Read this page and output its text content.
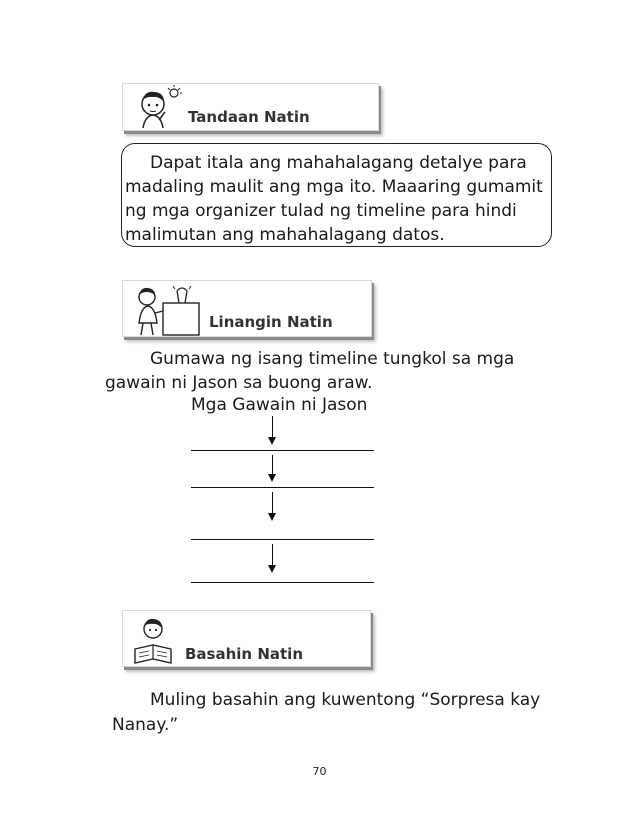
Tandaan Natin
Dapat itala ang mahahalagang detalye para
madaling maulit ang mga ito. Maaaring gumamit
ng mga organizer tulad ng timeline para hindi
malimutan ang mahahalagang datos.
Linangin Natin
Gumawa ng isang timeline tungkol sa mga
gawain ni Jason sa buong araw.
Mga Gawain ni Jason
Basahin Natin
Muling basahin ang kuwentong “Sorpresa kay
Nanay.”
70
